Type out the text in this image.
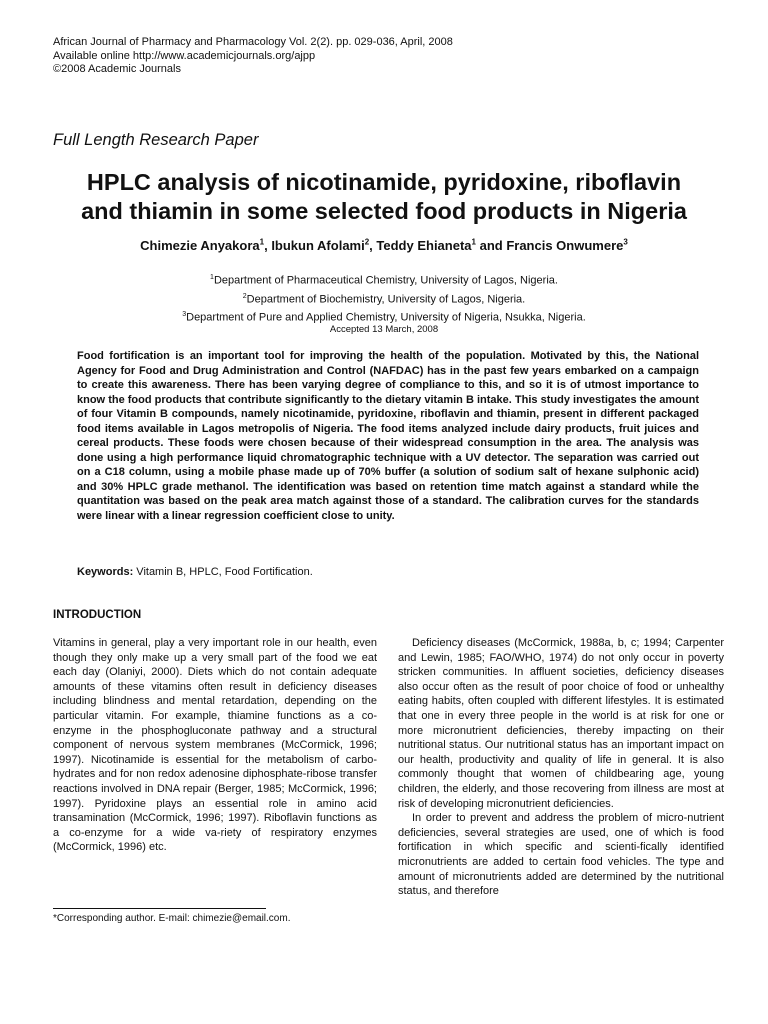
African Journal of Pharmacy and Pharmacology Vol. 2(2). pp. 029-036, April, 2008
Available online http://www.academicjournals.org/ajpp
©2008 Academic Journals
Full Length Research Paper
HPLC analysis of nicotinamide, pyridoxine, riboflavin
and thiamin in some selected food products in Nigeria
Chimezie Anyakora$^1$, Ibukun Afolami$^2$, Teddy Ehianeta$^1$ and Francis Onwumere$^3$
$^1$Department of Pharmaceutical Chemistry, University of Lagos, Nigeria.
$^2$Department of Biochemistry, University of Lagos, Nigeria.
$^3$Department of Pure and Applied Chemistry, University of Nigeria, Nsukka, Nigeria.
Accepted 13 March, 2008
Food fortification is an important tool for improving the health of the population. Motivated by this, the National Agency for Food and Drug Administration and Control (NAFDAC) has in the past few years embarked on a campaign to create this awareness. There has been varying degree of compliance to this, and so it is of utmost importance to know the food products that contribute significantly to the dietary vitamin B intake. This study investigates the amount of four Vitamin B compounds, namely nicotinamide, pyridoxine, riboflavin and thiamin, present in different packaged food items available in Lagos metropolis of Nigeria. The food items analyzed include dairy products, fruit juices and cereal products. These foods were chosen because of their widespread consumption in the area. The analysis was done using a high performance liquid chromatographic technique with a UV detector. The separation was carried out on a C18 column, using a mobile phase made up of 70% buffer (a solution of sodium salt of hexane sulphonic acid) and 30% HPLC grade methanol. The identification was based on retention time match against a standard while the quantitation was based on the peak area match against those of a standard. The calibration curves for the standards were linear with a linear regression coefficient close to unity.
Keywords: Vitamin B, HPLC, Food Fortification.
INTRODUCTION

Vitamins in general, play a very important role in our health, even though they only make up a very small part of the food we eat each day (Olaniyi, 2000). Diets which do not contain adequate amounts of these vitamins often result in deficiency diseases including blindness and mental retardation, depending on the particular vitamin. For example, thiamine functions as a co-enzyme in the phosphogluconate pathway and a structural component of nervous system membranes (McCormick, 1996; 1997). Nicotinamide is essential for the metabolism of carbo-hydrates and for non redox adenosine diphosphate-ribose transfer reactions involved in DNA repair (Berger, 1985; McCormick, 1996; 1997). Pyridoxine plays an essential role in amino acid transamination (McCormick, 1996; 1997). Riboflavin functions as a co-enzyme for a wide va-riety of respiratory enzymes (McCormick, 1996) etc.

Deficiency diseases (McCormick, 1988a, b, c; 1994; Carpenter and Lewin, 1985; FAO/WHO, 1974) do not only occur in poverty stricken communities. In affluent societies, deficiency diseases also occur often as the result of poor choice of food or unhealthy eating habits, often coupled with different lifestyles. It is estimated that one in every three people in the world is at risk for one or more micronutrient deficiencies, thereby impacting on their nutritional status. Our nutritional status has an important impact on our health, productivity and quality of life in general. It is also commonly thought that women of childbearing age, young children, the elderly, and those recovering from illness are most at risk of developing micronutrient deficiencies.

In order to prevent and address the problem of micro-nutrient deficiencies, several strategies are used, one of which is food fortification in which specific and scienti-fically identified micronutrients are added to certain food vehicles. The type and amount of micronutrients added are determined by the nutritional status, and therefore

*Corresponding author. E-mail: chimezie@email.com.
